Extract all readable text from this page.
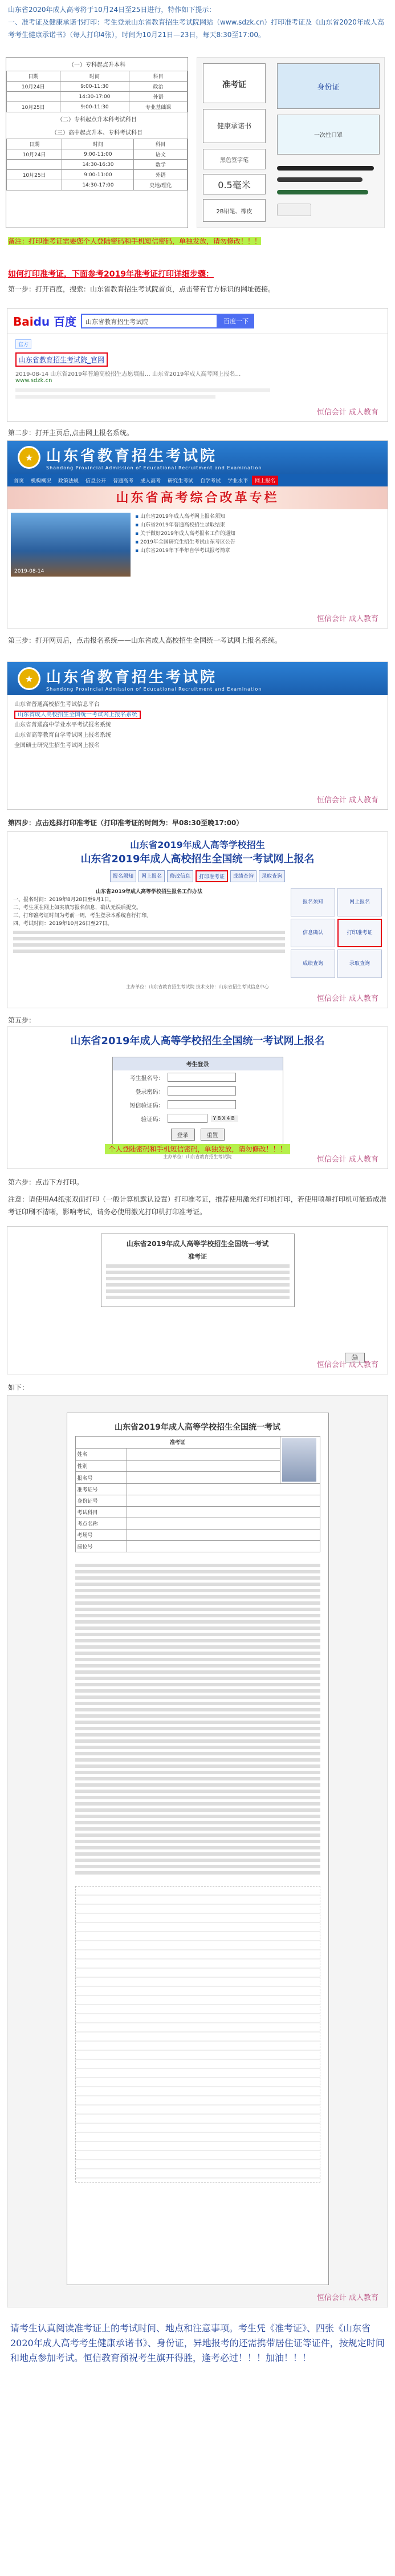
山东省2020年成人高考将于10月24日至25日进行，特作如下提示：
一、准考证及健康承诺书打印：考生登录山东省教育招生考试院网站（www.sdzk.cn）打印准考证及《山东省2020年成人高考考生健康承诺书》（每人打印4张），时间为10月21日—23日，每天8:30至17:00。
（一）专科起点升本科
日期	时间	科目
10月24日	9:00-11:30	政治
	14:30-17:00	外语
10月25日	9:00-11:30	专业基础课
（二）专科起点升本科考试科目
（三）高中起点升本、专科考试科目
日期	时间	科目
10月24日	9:00-11:00	语文
	14:30-16:30	数学
10月25日	9:00-11:00	外语
	14:30-17:00	史地/理化
准考证
健康承诺书
黑色签字笔
0.5毫米
2B铅笔、橡皮
身份证
一次性口罩
备注：打印准考证需要您个人登陆密码和手机短信密码，单独发放，请勿修改！！！
如何打印准考证，下面参考2019年准考证打印详细步骤：
第一步：打开百度，搜索：山东省教育招生考试院首页，点击带有官方标识的网址链接。
Baidu 百度	山东省教育招生考试院	百度一下
官方
山东省教育招生考试院_官网
2019-08-14 山东省2019年普通高校招生志愿填报… 山东省2019年成人高考网上报名…
www.sdzk.cn
恒信会计 成人教育
第二步：打开主页后,点击网上报名系统。
★ 山东省教育招生考试院
Shandong Provincial Admission of Educational Recruitment and Examination
首页	机构概况	政策法规	信息公开	普通高考	成人高考	研究生考试	自学考试	学业水平	网上报名
山东省高考综合改革专栏
2019-08-14
▪ 山东省2019年成人高考网上报名须知
▪ 山东省2019年普通高校招生录取结束
▪ 关于做好2019年成人高考报名工作的通知
▪ 2019年全国研究生招生考试山东考区公告
▪ 山东省2019年下半年自学考试报考简章
恒信会计 成人教育
第三步：打开网页后，点击报名系统——山东省成人高校招生全国统一考试网上报名系统。
★ 山东省教育招生考试院
Shandong Provincial Admission of Educational Recruitment and Examination
山东省普通高校招生考试信息平台
山东省成人高校招生全国统一考试网上报名系统
山东省普通高中学业水平考试报名系统
山东省高等教育自学考试网上报名系统
全国硕士研究生招生考试网上报名
恒信会计 成人教育
第四步：点击选择打印准考证（打印准考证的时间为：早08:30至晚17:00）
山东省2019年成人高等学校招生
山东省2019年成人高校招生全国统一考试网上报名
报名须知	网上报名	修改信息	打印准考证	成绩查询	录取查询
山东省2019年成人高等学校招生报名工作办法
一、报名时间：2019年8月28日至9月1日。
二、考生须在网上如实填写报名信息，确认无误后提交。
三、打印准考证时间为考前一周，考生登录本系统自行打印。
四、考试时间：2019年10月26日至27日。
报名须知	网上报名
信息确认	打印准考证
成绩查询	录取查询
主办单位：山东省教育招生考试院 技术支持：山东省招生考试信息中心
恒信会计 成人教育
第五步：
山东省2019年成人高等学校招生全国统一考试网上报名
考生登录
考生报名号：
登录密码：
短信验证码：
验证码：	Y8X4B
登录	重置
主办单位：山东省教育招生考试院
个人登陆密码和手机短信密码，单独发放，请勿修改！！！
恒信会计 成人教育
第六步：点击下方打印。
注意：请使用A4纸张双面打印（一般计算机默认设置）打印准考证，推荐使用激光打印机打印，若使用喷墨打印机可能造成准考证印刷不清晰，影响考试，请务必使用激光打印机打印准考证。
山东省2019年成人高等学校招生全国统一考试
准考证
🖨
恒信会计 成人教育
如下：
山东省2019年成人高等学校招生全国统一考试
准考证		

姓名		
性别		
报名号		
准考证号		
身份证号		
考试科目		
考点名称		
考场号		
座位号		
恒信会计 成人教育
请考生认真阅读准考证上的考试时间、地点和注意事项。考生凭《准考证》、四张《山东省2020年成人高考考生健康承诺书》、身份证，异地报考的还需携带居住证等证件，按规定时间和地点参加考试。恒信教育预祝考生旗开得胜，逢考必过！！！加油！！！
